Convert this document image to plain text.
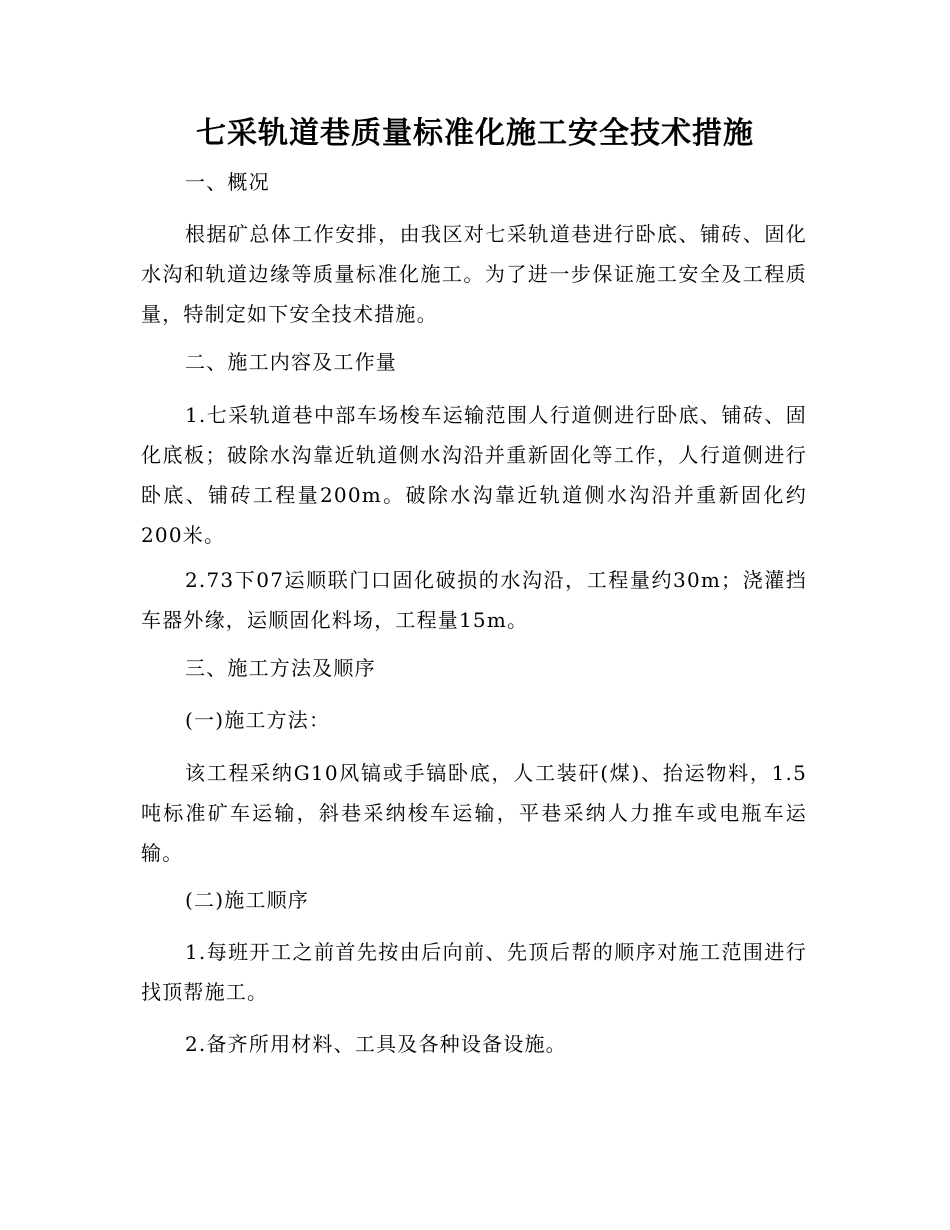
七采轨道巷质量标准化施工安全技术措施
一、概况
根据矿总体工作安排，由我区对七采轨道巷进行卧底、铺砖、固化水沟和轨道边缘等质量标准化施工。为了进一步保证施工安全及工程质量，特制定如下安全技术措施。
二、施工内容及工作量
1.七采轨道巷中部车场梭车运输范围人行道侧进行卧底、铺砖、固化底板；破除水沟靠近轨道侧水沟沿并重新固化等工作，人行道侧进行卧底、铺砖工程量200m。破除水沟靠近轨道侧水沟沿并重新固化约200米。
2.73下07运顺联门口固化破损的水沟沿，工程量约30m；浇灌挡车器外缘，运顺固化料场，工程量15m。
三、施工方法及顺序
(一)施工方法：
该工程采纳G10风镐或手镐卧底，人工装矸(煤)、抬运物料，1.5吨标准矿车运输，斜巷采纳梭车运输，平巷采纳人力推车或电瓶车运输。
(二)施工顺序
1.每班开工之前首先按由后向前、先顶后帮的顺序对施工范围进行找顶帮施工。
2.备齐所用材料、工具及各种设备设施。
